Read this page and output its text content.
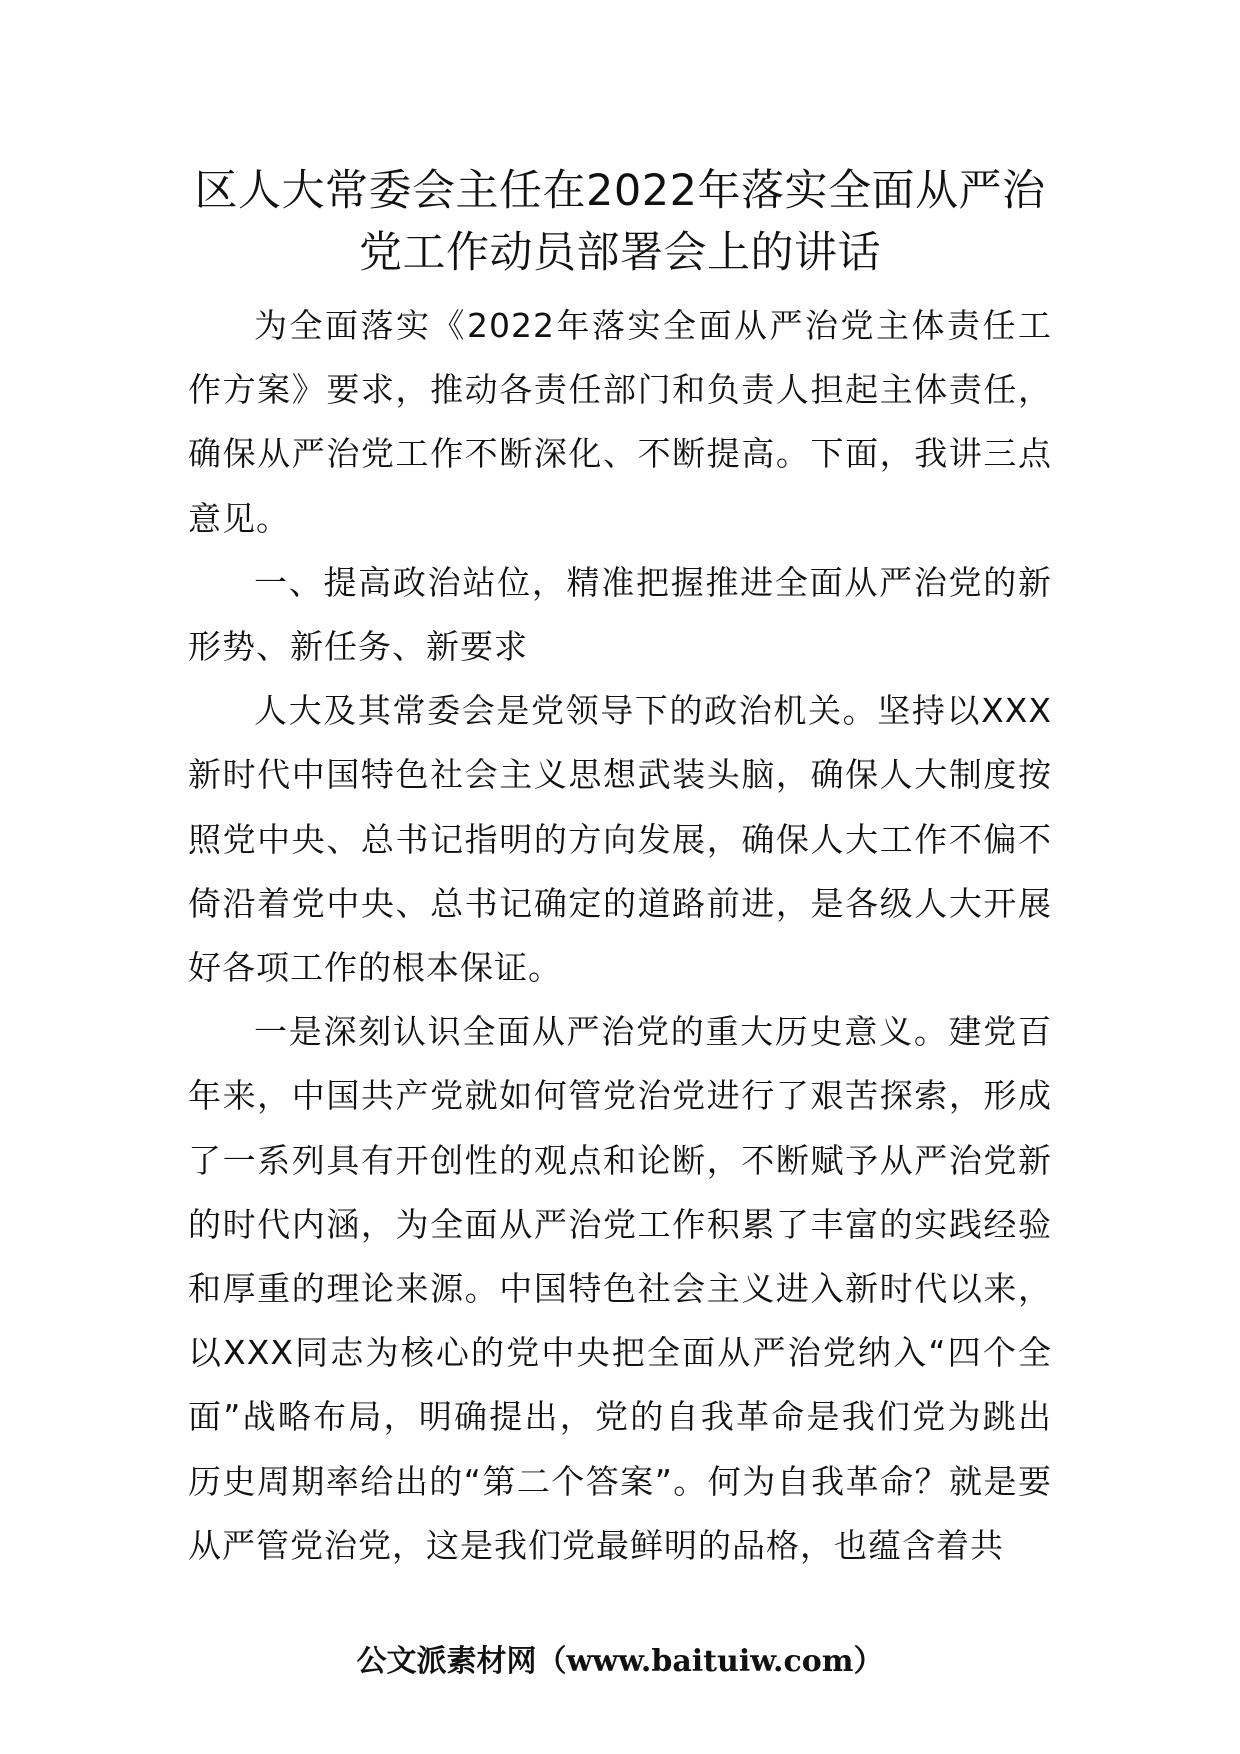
区人大常委会主任在2022年落实全面从严治党工作动员部署会上的讲话

为全面落实《2022年落实全面从严治党主体责任工作方案》要求，推动各责任部门和负责人担起主体责任，确保从严治党工作不断深化、不断提高。下面，我讲三点意见。

一、提高政治站位，精准把握推进全面从严治党的新形势、新任务、新要求

人大及其常委会是党领导下的政治机关。坚持以XXX新时代中国特色社会主义思想武装头脑，确保人大制度按照党中央、总书记指明的方向发展，确保人大工作不偏不倚沿着党中央、总书记确定的道路前进，是各级人大开展好各项工作的根本保证。

一是深刻认识全面从严治党的重大历史意义。建党百年来，中国共产党就如何管党治党进行了艰苦探索，形成了一系列具有开创性的观点和论断，不断赋予从严治党新的时代内涵，为全面从严治党工作积累了丰富的实践经验和厚重的理论来源。中国特色社会主义进入新时代以来，以XXX同志为核心的党中央把全面从严治党纳入“四个全面”战略布局，明确提出，党的自我革命是我们党为跳出历史周期率给出的“第二个答案”。何为自我革命？就是要从严管党治党，这是我们党最鲜明的品格，也蕴含着共

公文派素材网（www.baituiw.com）
